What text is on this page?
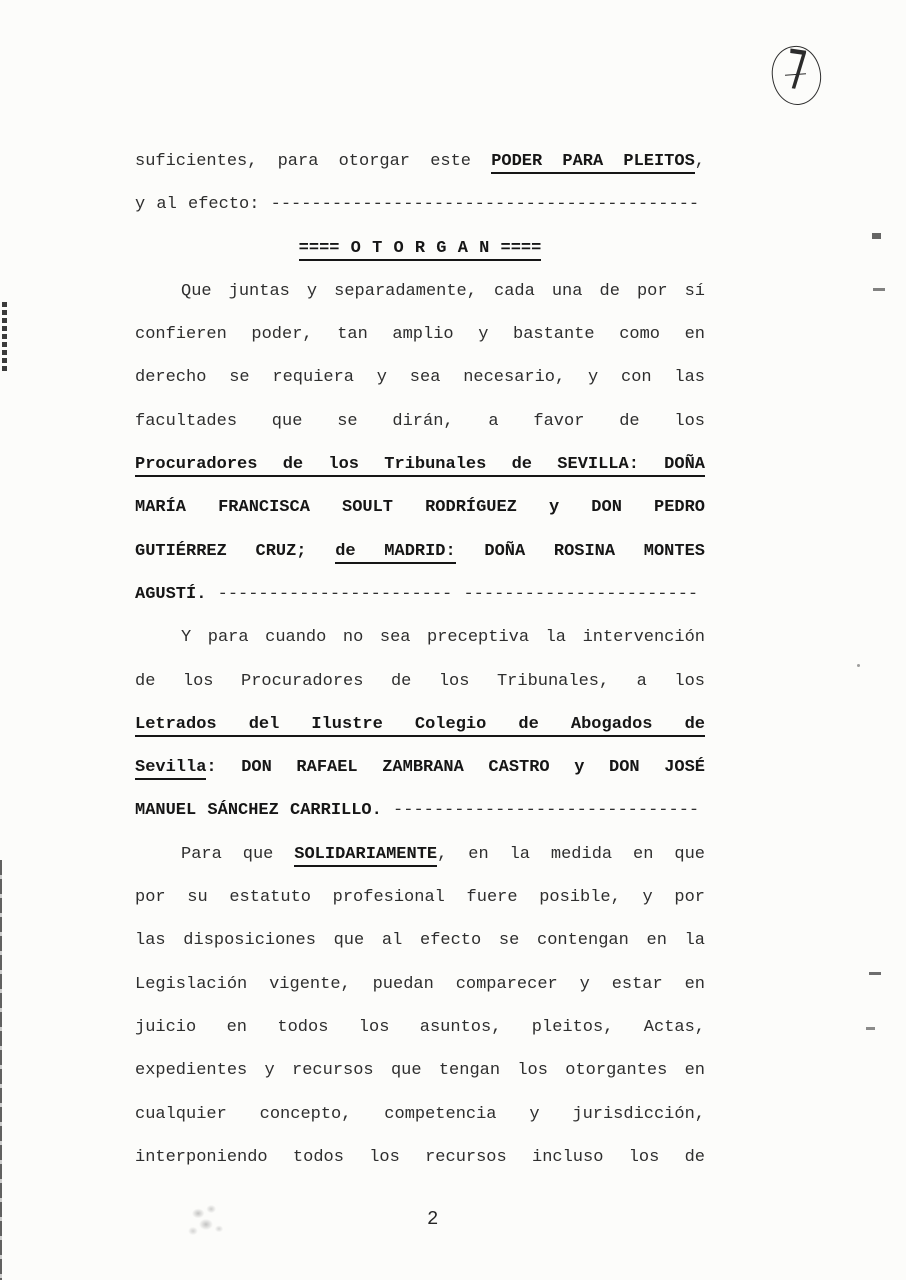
7
suficientes, para otorgar este PODER PARA PLEITOS,
y al efecto: ------------------------------------------
==== O T O R G A N ====
Que juntas y separadamente, cada una de por sí
confieren poder, tan amplio y bastante como en
derecho se requiera y sea necesario, y con las
facultades que se dirán, a favor de los
Procuradores de los Tribunales de SEVILLA: DOÑA
MARÍA FRANCISCA SOULT RODRÍGUEZ y DON PEDRO
GUTIÉRREZ CRUZ; de MADRID: DOÑA ROSINA MONTES
AGUSTÍ. ----------------------- -----------------------
Y para cuando no sea preceptiva la intervención
de los Procuradores de los Tribunales, a los
Letrados del Ilustre Colegio de Abogados de
Sevilla: DON RAFAEL ZAMBRANA CASTRO y DON JOSÉ
MANUEL SÁNCHEZ CARRILLO. ------------------------------
Para que SOLIDARIAMENTE, en la medida en que
por su estatuto profesional fuere posible, y por
las disposiciones que al efecto se contengan en la
Legislación vigente, puedan comparecer y estar en
juicio en todos los asuntos, pleitos, Actas,
expedientes y recursos que tengan los otorgantes en
cualquier concepto, competencia y jurisdicción,
interponiendo todos los recursos incluso los de
2
